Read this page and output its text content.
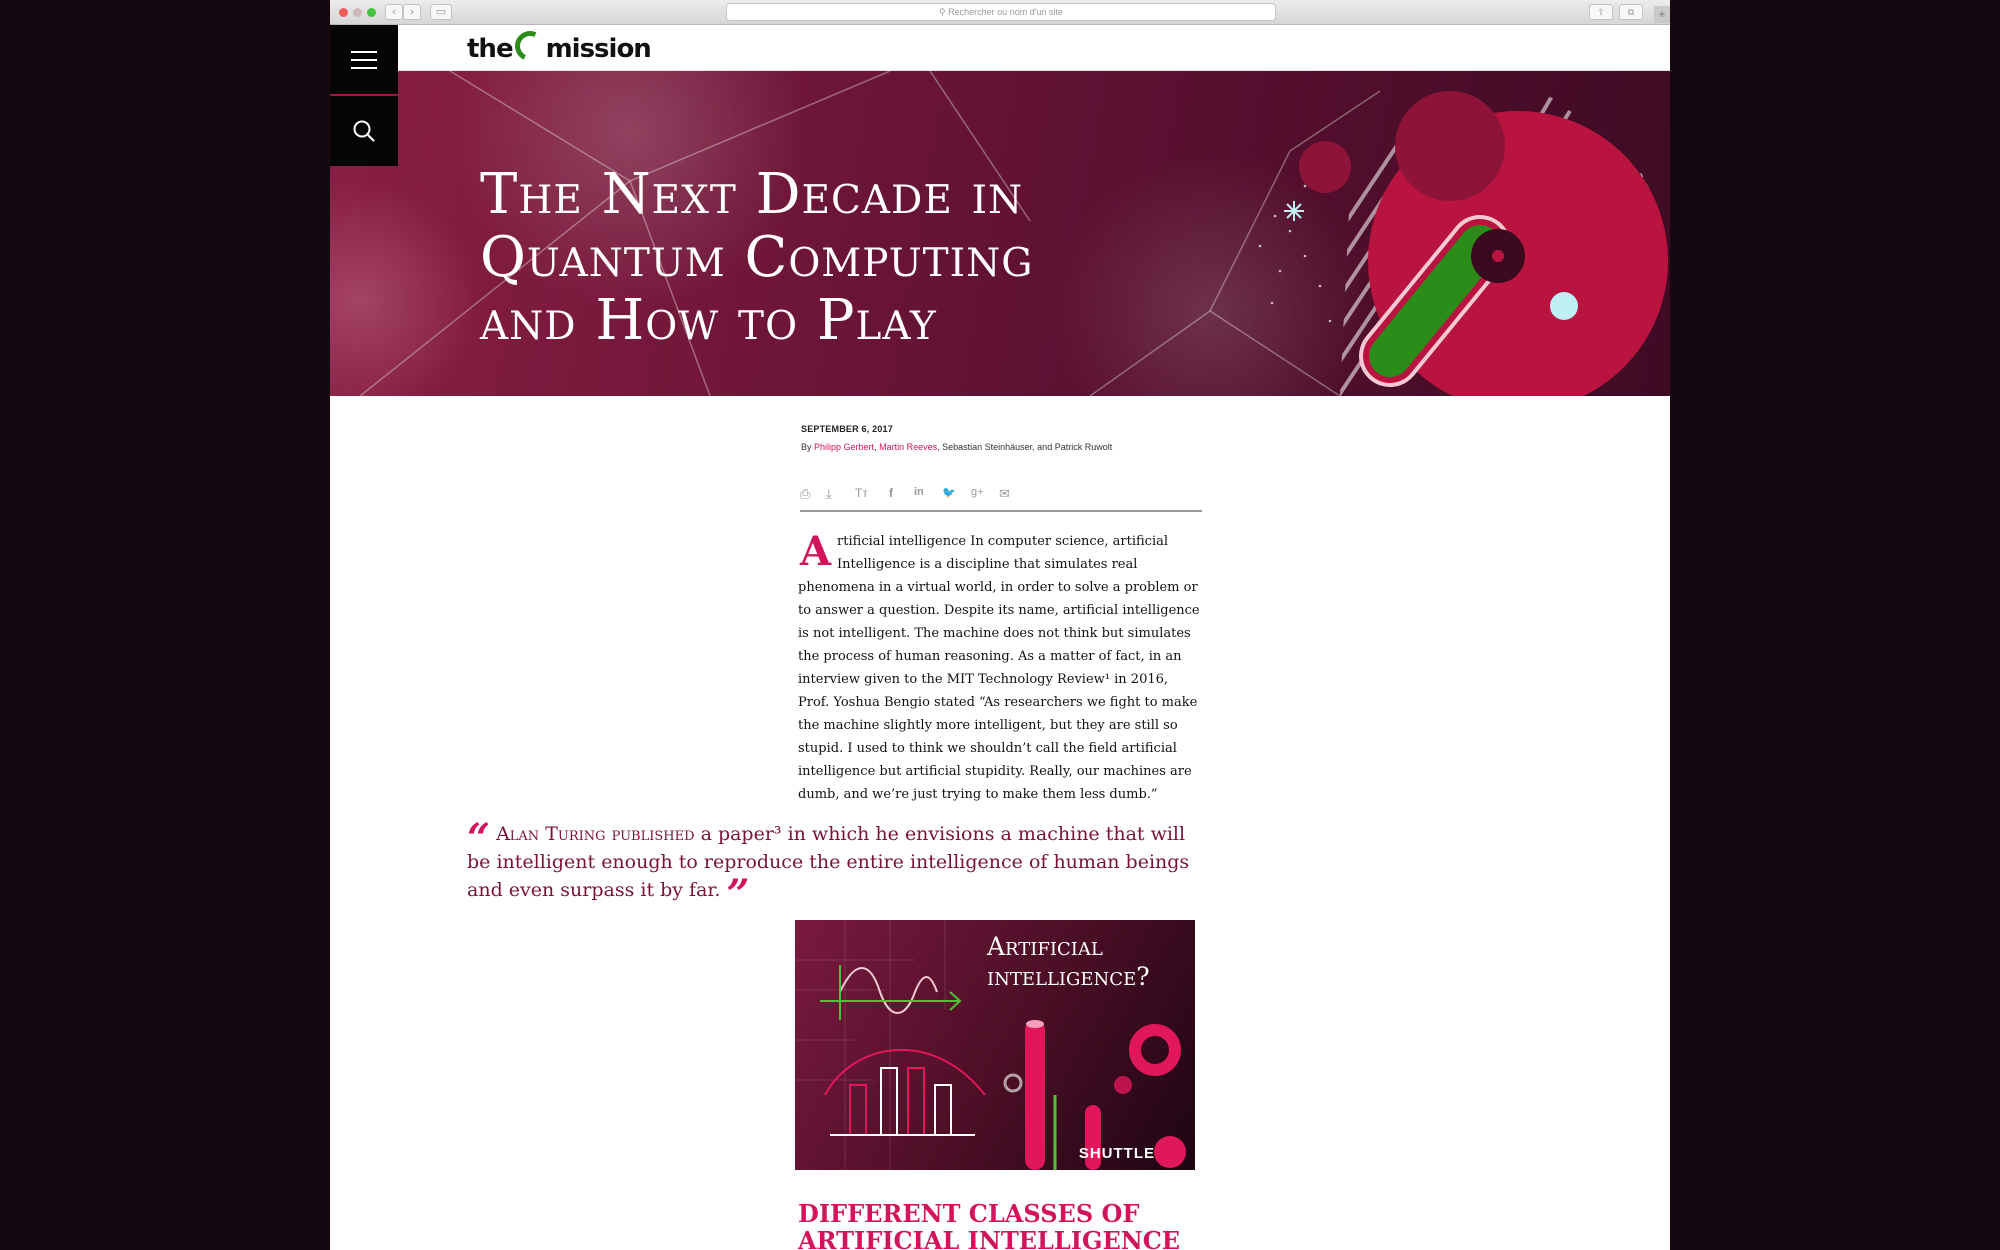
‹	›	▭	⚲ Rechercher ou nom d'un site	⇧	⧉	+
the mission
The Next Decade in
Quantum Computing
and How to Play
SEPTEMBER 6, 2017
By Philipp Gerbert, Martin Reeves, Sebastian Steinhäuser, and Patrick Ruwolt
⎙ ⤓ Tт f in 🐦 g+ ✉
Artificial intelligence In computer science, artificial Intelligence is a discipline that simulates real phenomena in a virtual world, in order to solve a problem or to answer a question. Despite its name, artificial intelligence is not intelligent. The machine does not think but simulates the process of human reasoning. As a matter of fact, in an interview given to the MIT Technology Review¹ in 2016, Prof. Yoshua Bengio stated “As researchers we fight to make the machine slightly more intelligent, but they are still so stupid. I used to think we shouldn’t call the field artificial intelligence but artificial stupidity. Really, our machines are dumb, and we’re just trying to make them less dumb.”
“ Alan Turing published a paper³ in which he envisions a machine that will be intelligent enough to reproduce the entire intelligence of human beings and even surpass it by far. ”
Artificial
intelligence?
SHUTTLE
DIFFERENT CLASSES OF ARTIFICIAL INTELLIGENCE
